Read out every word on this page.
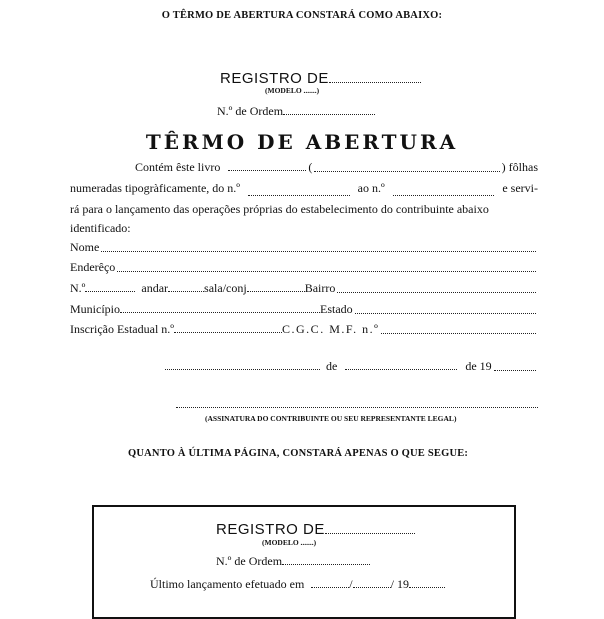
O TÊRMO DE ABERTURA CONSTARÁ COMO ABAIXO:
REGISTRO DE
(MODELO .......)
N.º de Ordem
TÊRMO DE ABERTURA
Contém êste livro	(	) fôlhas
numeradas tipogràficamente, do n.º	ao n.º	e servi-
rá para o lançamento das operações próprias do estabelecimento do contribuinte abaixo
identificado:
Nome
Enderêço
N.º	andar	sala/conj	Bairro
Município	Estado
Inscrição Estadual n.º	C.G.C. M.F. n.º
de	de 19
(ASSINATURA DO CONTRIBUINTE OU SEU REPRESENTANTE LEGAL)
QUANTO À ÚLTIMA PÁGINA, CONSTARÁ APENAS O QUE SEGUE:
REGISTRO DE
(MODELO .......)
N.º de Ordem
Último lançamento efetuado em	/	/ 19
